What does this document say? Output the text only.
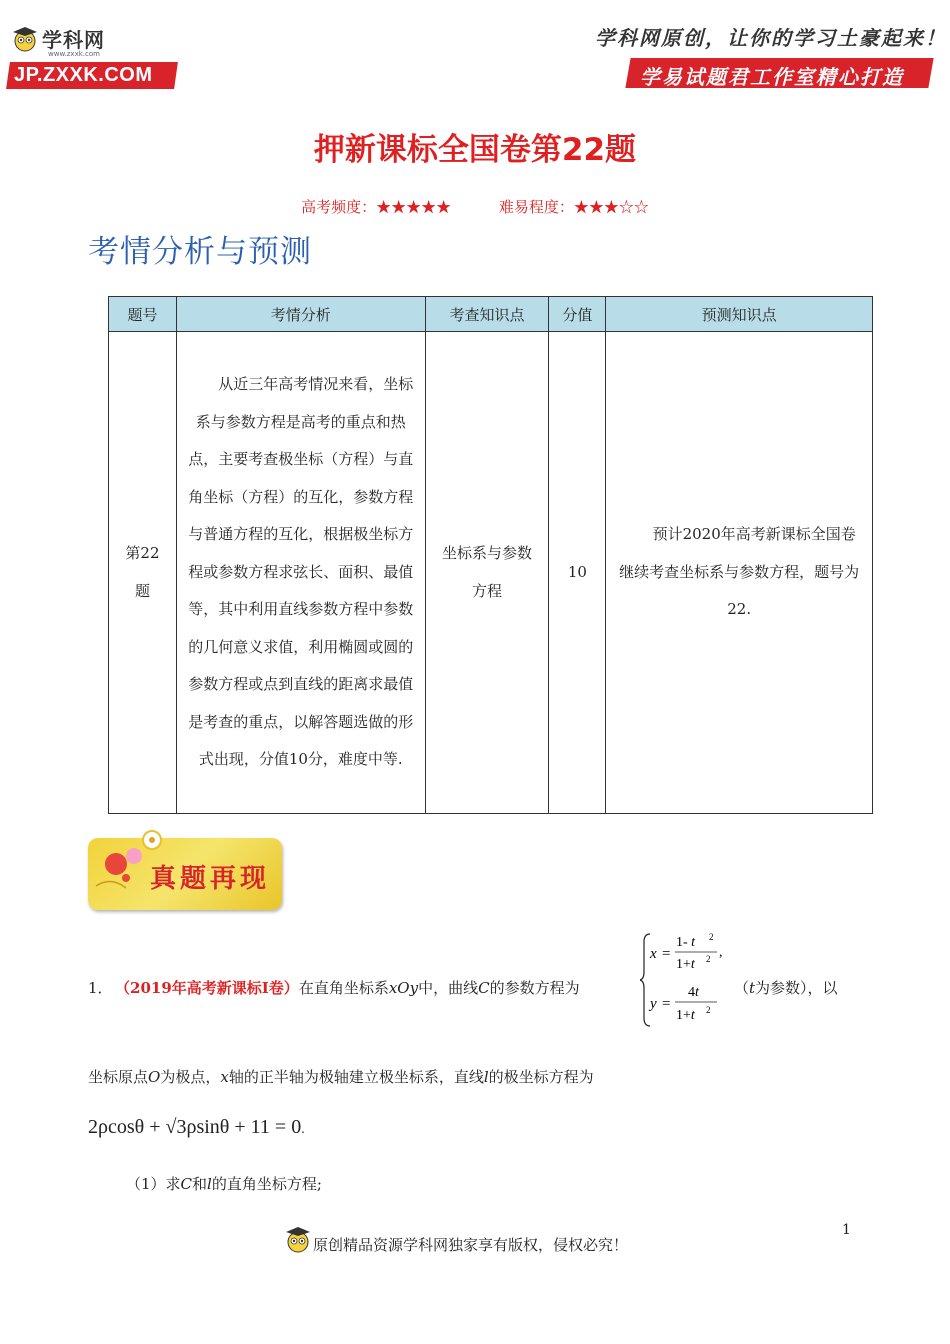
学科网
www.zxxk.com
JP.ZXXK.COM
学科网原创，让你的学习土豪起来！
学易试题君工作室精心打造
押新课标全国卷第22题
高考频度：★★★★★	难易程度：★★★☆☆
考情分析与预测
题号	考情分析	考查知识点	分值	预测知识点
第22题	从近三年高考情况来看，坐标系与参数方程是高考的重点和热点，主要考查极坐标（方程）与直角坐标（方程）的互化，参数方程与普通方程的互化，根据极坐标方程或参数方程求弦长、面积、最值等，其中利用直线参数方程中参数的几何意义求值，利用椭圆或圆的参数方程或点到直线的距离求最值是考查的重点，以解答题选做的形式出现，分值10分，难度中等.	坐标系与参数方程	10	预计2020年高考新课标全国卷继续考查坐标系与参数方程，题号为22.
真题再现
1． （2019年高考新课标Ⅰ卷）在直角坐标系xOy中，曲线C的参数方程为
x =
1- t 2
1+t 2 ,
y =
4t
1+t 2
（t为参数），以
坐标原点O为极点，x轴的正半轴为极轴建立极坐标系，直线l的极坐标方程为
2ρcosθ + √3ρsinθ + 11 = 0.
（1）求C和l的直角坐标方程;
原创精品资源学科网独家享有版权，侵权必究！
1
